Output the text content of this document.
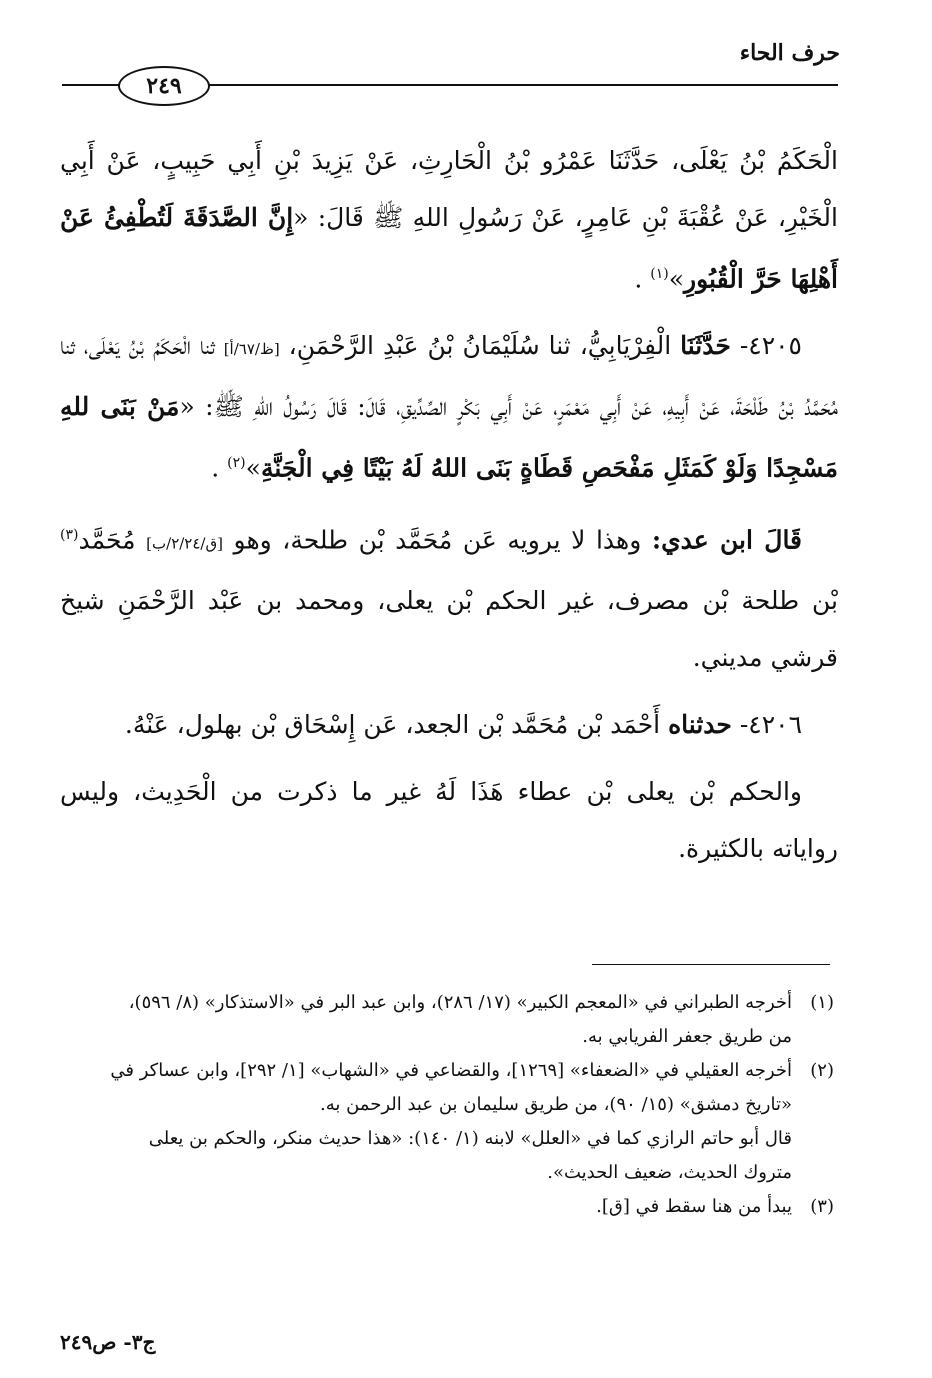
حرف الحاء
٢٤٩

الْحَكَمُ بْنُ يَعْلَى، حَدَّثَنَا عَمْرُو بْنُ الْحَارِثِ، عَنْ يَزِيدَ بْنِ أَبِي حَبِيبٍ، عَنْ أَبِي الْخَيْرِ، عَنْ عُقْبَةَ بْنِ عَامِرٍ، عَنْ رَسُولِ اللهِ ﷺ قَالَ: «إِنَّ الصَّدَقَةَ لَتُطْفِئُ عَنْ أَهْلِهَا حَرَّ الْقُبُورِ»$^{(١)}$ .

٤٢٠٥- حَدَّثَنَا الْفِرْيَابِيُّ، ثنا سُلَيْمَانُ بْنُ عَبْدِ الرَّحْمَنِ، [ظ/٦٧/أ] ثنا الْحَكَمُ بْنُ يَعْلَى، ثنا مُحَمَّدُ بْنُ طَلْحَةَ، عَنْ أَبِيهِ، عَنْ أَبِي مَعْمَرٍ، عَنْ أَبِي بَكْرٍ الصِّدِّيقِ، قَالَ: قَالَ رَسُولُ اللهِ ﷺ: «مَنْ بَنَى للهِ مَسْجِدًا وَلَوْ كَمَثَلِ مَفْحَصِ قَطَاةٍ بَنَى اللهُ لَهُ بَيْتًا فِي الْجَنَّةِ»$^{(٢)}$ .

قَالَ ابن عدي: وهذا لا يرويه عَن مُحَمَّد بْن طلحة، وهو [ق/٢/٢٤/ب] مُحَمَّد$^{(٣)}$ بْن طلحة بْن مصرف، غير الحكم بْن يعلى، ومحمد بن عَبْد الرَّحْمَنِ شيخ قرشي مديني.

٤٢٠٦- حدثناه أَحْمَد بْن مُحَمَّد بْن الجعد، عَن إِسْحَاق بْن بهلول، عَنْهُ.

والحكم بْن يعلى بْن عطاء هَذَا لَهُ غير ما ذكرت من الْحَدِيث، وليس رواياته بالكثيرة.

(١)
أخرجه الطبراني في «المعجم الكبير» (١٧/ ٢٨٦)، وابن عبد البر في «الاستذكار» (٨/ ٥٩٦)،
من طريق جعفر الفريابي به.
(٢)
أخرجه العقيلي في «الضعفاء» [١٢٦٩]، والقضاعي في «الشهاب» [١/ ٢٩٢]، وابن عساكر في
«تاريخ دمشق» (١٥/ ٩٠)، من طريق سليمان بن عبد الرحمن به.
قال أبو حاتم الرازي كما في «العلل» لابنه (١/ ١٤٠): «هذا حديث منكر، والحكم بن يعلى
متروك الحديث، ضعيف الحديث».
(٣)
يبدأ من هنا سقط في [ق].
ج٣- ص٢٤٩
